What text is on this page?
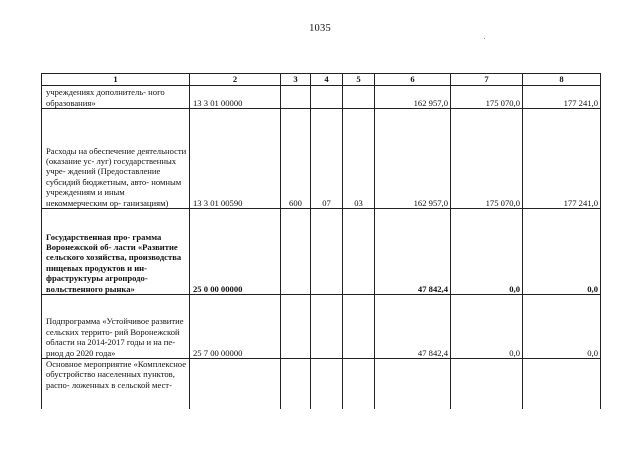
1035
1	2	3	4	5	6	7	8
учреждениях дополнитель- ного образования»	13 3 01 00000				162 957,0	175 070,0	177 241,0
Расходы на обеспечение деятельности (оказание ус- луг) государственных учре- ждений (Предоставление субсидий бюджетным, авто- номным учреждениям и иным некоммерческим ор- ганизациям)	13 3 01 00590	600	07	03	162 957,0	175 070,0	177 241,0
Государственная про- грамма Воронежской об- ласти «Развитие сельского хозяйства, производства пищевых продуктов и ин- фраструктуры агропродо- вольственного рынка»	25 0 00 00000				47 842,4	0,0	0,0
Подпрограмма «Устойчивое развитие сельских террито- рий Воронежской области на 2014-2017 годы и на пе- риод до 2020 года»	25 7 00 00000				47 842,4	0,0	0,0
Основное мероприятие «Комплексное обустройство населенных пунктов, распо- ложенных в сельской мест-							
